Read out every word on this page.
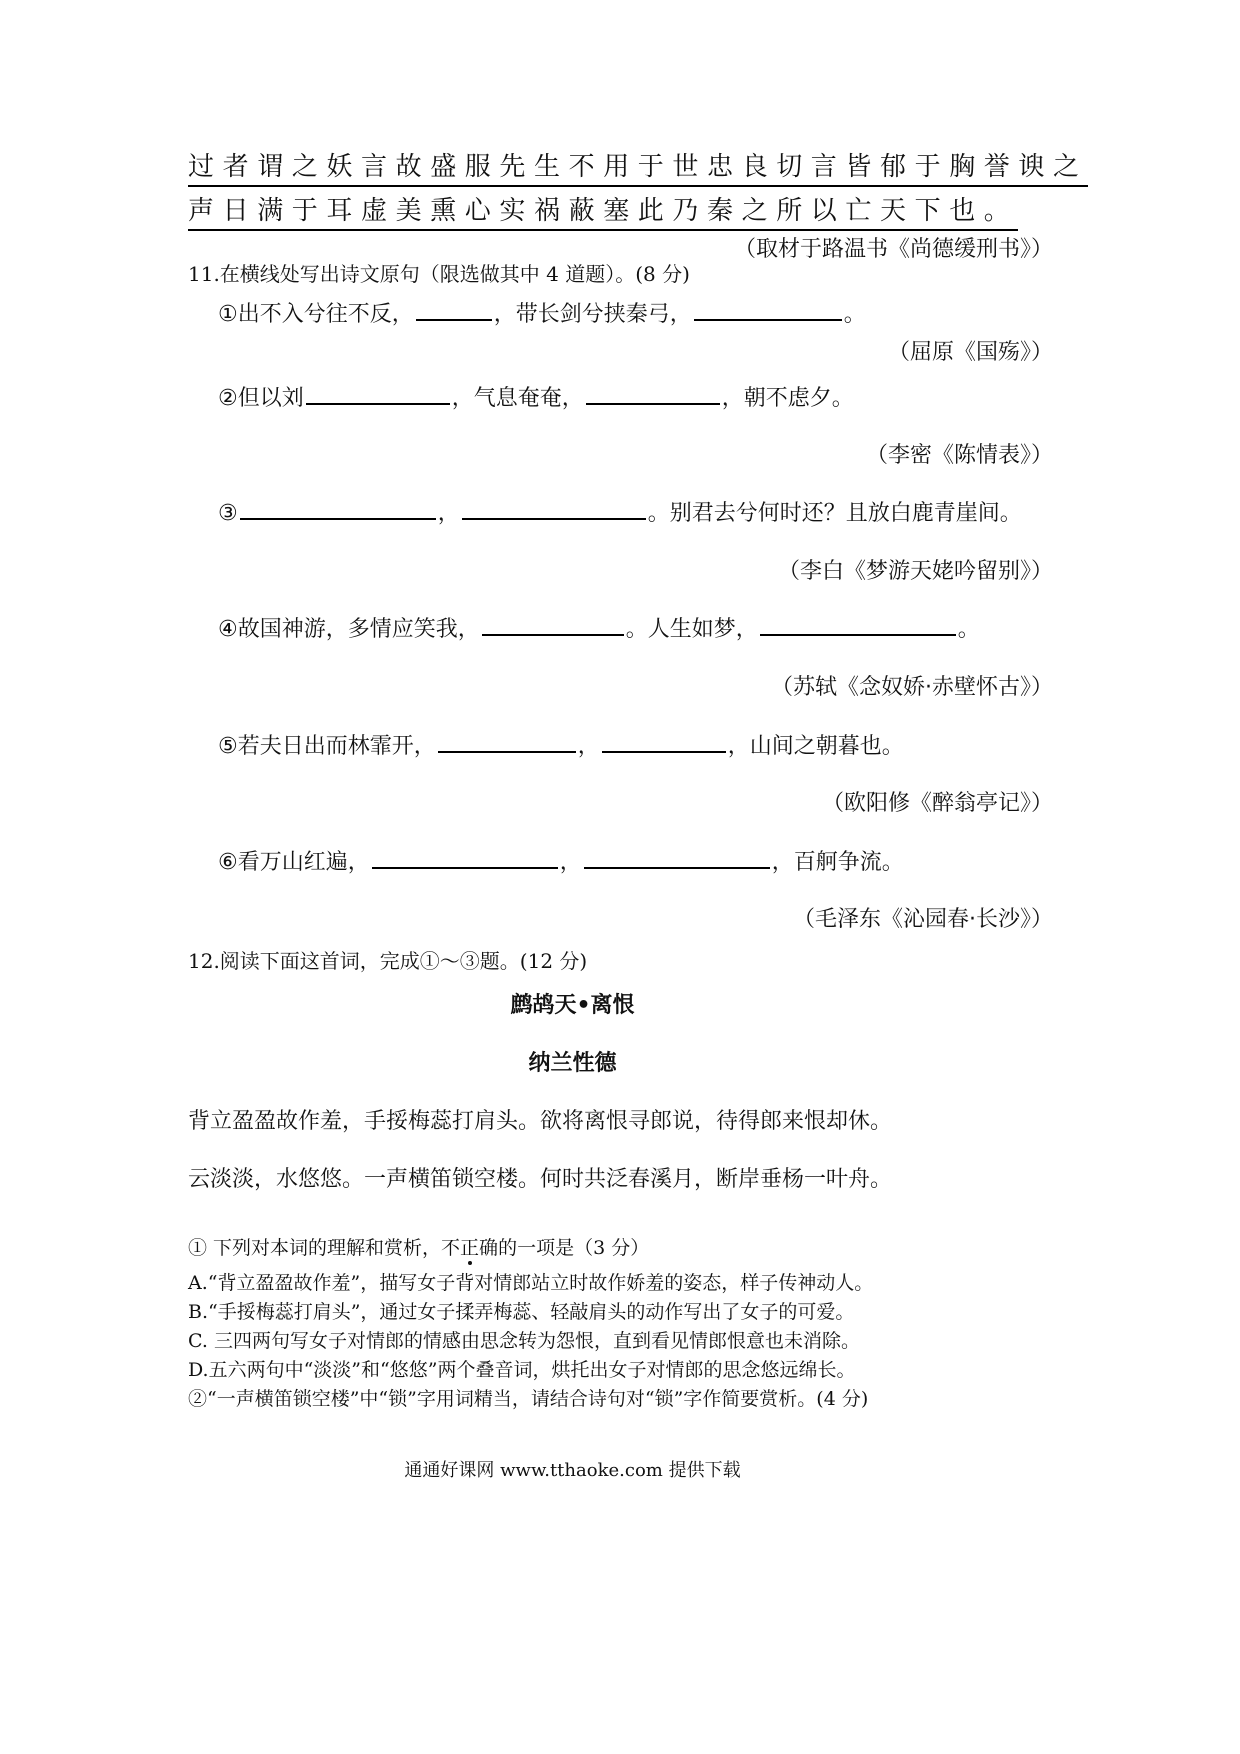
过者谓之妖言故盛服先生不用于世忠良切言皆郁于胸誉谀之
声日满于耳虚美熏心实祸蔽塞此乃秦之所以亡天下也。
（取材于路温书《尚德缓刑书》）
11.在横线处写出诗文原句（限选做其中 4 道题）。(8 分)
①出不入兮往不反，	，带长剑兮挟秦弓，	。
（屈原《国殇》）
②但以刘	，气息奄奄，	，朝不虑夕。
（李密《陈情表》）
③	，	。别君去兮何时还？且放白鹿青崖间。
（李白《梦游天姥吟留别》）
④故国神游，多情应笑我，	。人生如梦，	。
（苏轼《念奴娇·赤壁怀古》）
⑤若夫日出而林霏开，	，	，山间之朝暮也。
（欧阳修《醉翁亭记》）
⑥看万山红遍，	，	，百舸争流。
（毛泽东《沁园春·长沙》）
12.阅读下面这首词，完成①～③题。(12 分)
鹧鸪天•离恨
纳兰性德
背立盈盈故作羞，手挼梅蕊打肩头。欲将离恨寻郎说，待得郎来恨却休。
云淡淡，水悠悠。一声横笛锁空楼。何时共泛春溪月，断岸垂杨一叶舟。
① 下列对本词的理解和赏析，不正确的一项是（3 分）
A.“背立盈盈故作羞”，描写女子背对情郎站立时故作娇羞的姿态，样子传神动人。
B.“手挼梅蕊打肩头”，通过女子揉弄梅蕊、轻敲肩头的动作写出了女子的可爱。
C. 三四两句写女子对情郎的情感由思念转为怨恨，直到看见情郎恨意也未消除。
D.五六两句中“淡淡”和“悠悠”两个叠音词，烘托出女子对情郎的思念悠远绵长。
②“一声横笛锁空楼”中“锁”字用词精当，请结合诗句对“锁”字作简要赏析。(4 分)
通通好课网 www.tthaoke.com 提供下载
